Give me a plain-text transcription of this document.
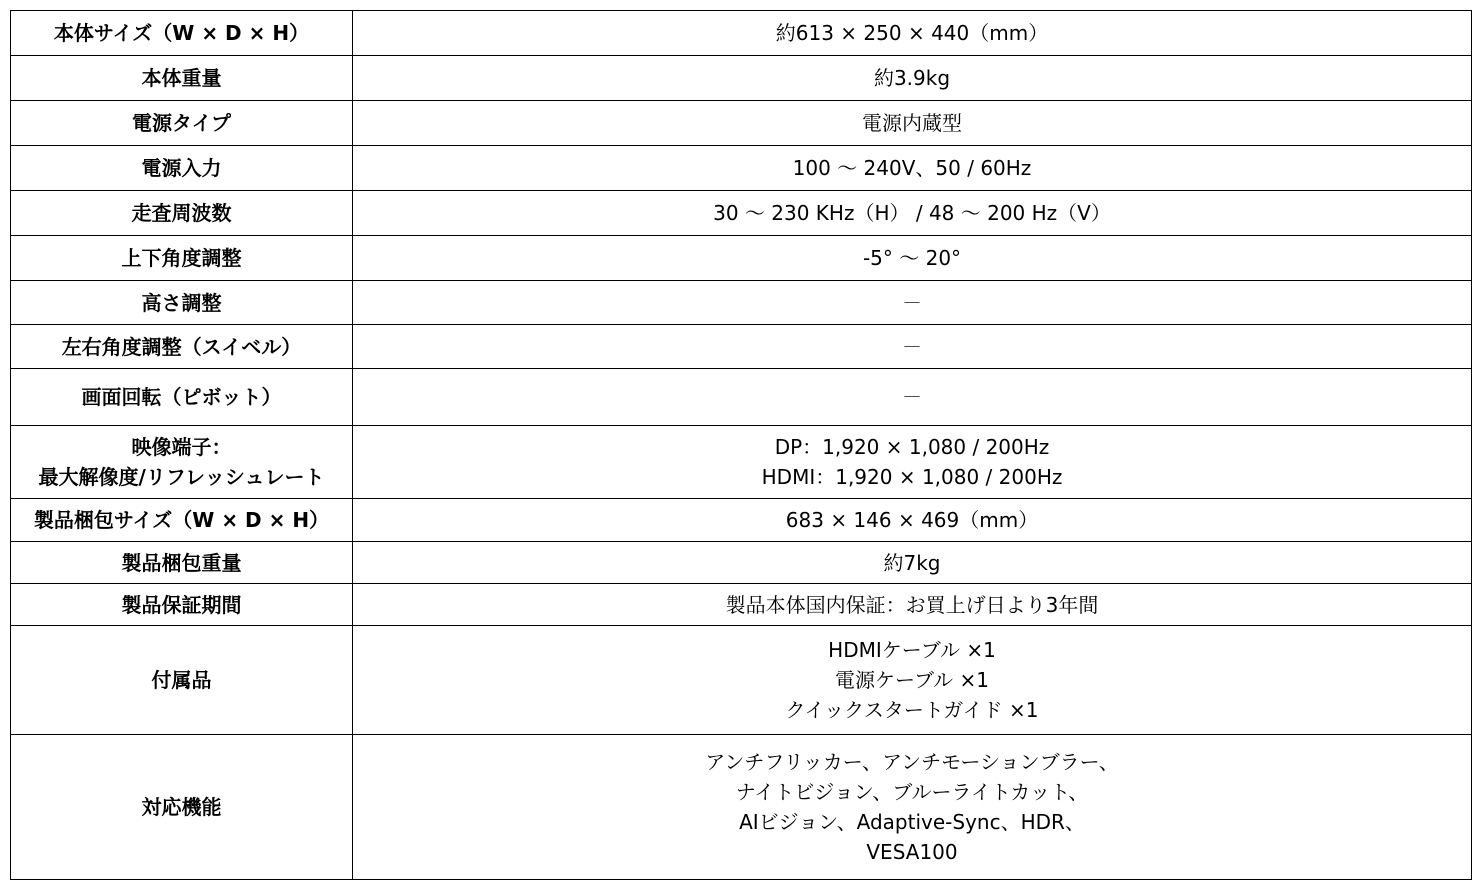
本体サイズ（W × D × H）	約613 × 250 × 440（mm）

本体重量	約3.9kg

電源タイプ	電源内蔵型

電源入力	100 ～ 240V、50 / 60Hz

走査周波数	30 ～ 230 KHz（H） / 48 ～ 200 Hz（V）

上下角度調整	-5° ～ 20°

高さ調整	－

左右角度調整（スイベル）	－

画面回転（ピボット）	－

映像端子：
最大解像度/リフレッシュレート	DP：1,920 × 1,080 / 200Hz
HDMI：1,920 × 1,080 / 200Hz

製品梱包サイズ（W × D × H）	683 × 146 × 469（mm）

製品梱包重量	約7kg

製品保証期間	製品本体国内保証：お買上げ日より3年間

付属品	HDMIケーブル ×1
電源ケーブル ×1
クイックスタートガイド ×1

対応機能	アンチフリッカー、アンチモーションブラー、
ナイトビジョン、ブルーライトカット、
AIビジョン、Adaptive-Sync、HDR、
VESA100
